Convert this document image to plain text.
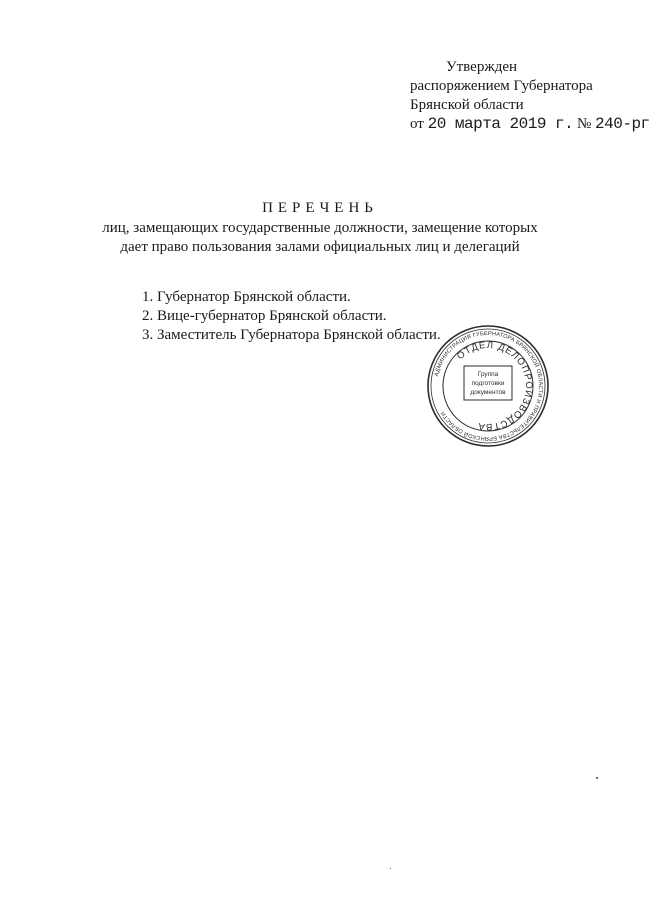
Утвержден
распоряжением Губернатора
Брянской области
от 20 марта 2019 г. № 240-рг
ПЕРЕЧЕНЬ
лиц, замещающих государственные должности, замещение которых дает право пользования залами официальных лиц и делегаций
1. Губернатор Брянской области.
2. Вице-губернатор Брянской области.
3. Заместитель Губернатора Брянской области.
АДМИНИСТРАЦИЯ ГУБЕРНАТОРА БРЯНСКОЙ ОБЛАСТИ И ПРАВИТЕЛЬСТВА БРЯНСКОЙ ОБЛАСТИ
ОТДЕЛ ДЕЛОПРОИЗВОДСТВА
Группа
подготовки
документов
